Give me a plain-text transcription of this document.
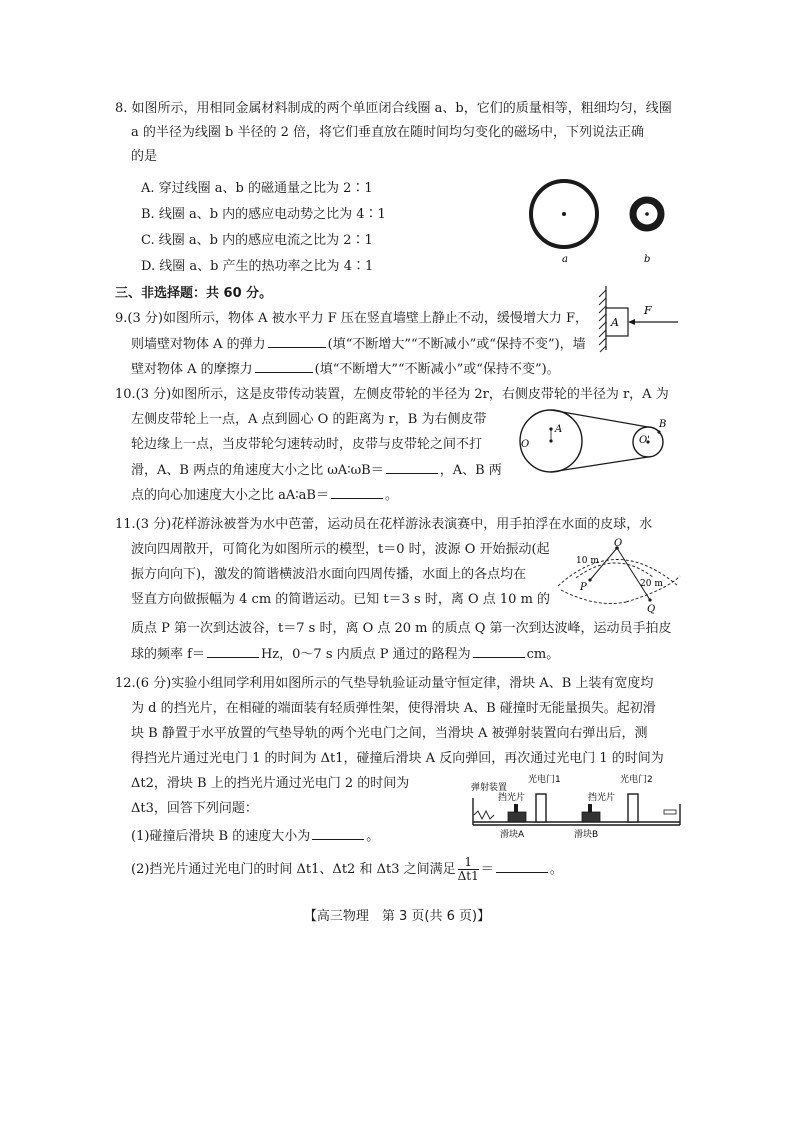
8. 如图所示，用相同金属材料制成的两个单匝闭合线圈 a、b，它们的质量相等，粗细均匀，线圈
a 的半径为线圈 b 半径的 2 倍，将它们垂直放在随时间均匀变化的磁场中，下列说法正确
的是
A. 穿过线圈 a、b 的磁通量之比为 2∶1
B. 线圈 a、b 内的感应电动势之比为 4∶1
C. 线圈 a、b 内的感应电流之比为 2∶1
D. 线圈 a、b 产生的热功率之比为 4∶1	a	b
三、非选择题：共 60 分。
9.(3 分)如图所示，物体 A 被水平力 F 压在竖直墙壁上静止不动，缓慢增大力 F，
则墙壁对物体 A 的弹力	(填“不断增大”“不断减小”或“保持不变”)，墙
壁对物体 A 的摩擦力	(填“不断增大”“不断减小”或“保持不变”)。
A
F
10.(3 分)如图所示，这是皮带传动装置，左侧皮带轮的半径为 2r，右侧皮带轮的半径为 r，A 为
左侧皮带轮上一点，A 点到圆心 O 的距离为 r，B 为右侧皮带
轮边缘上一点，当皮带轮匀速转动时，皮带与皮带轮之间不打
滑，A、B 两点的角速度大小之比 ωA∶ωB＝	，A、B 两
点的向心加速度大小之比 aA∶aB＝	。
O
A
O'
B
11.(3 分)花样游泳被誉为水中芭蕾，运动员在花样游泳表演赛中，用手拍浮在水面的皮球，水
波向四周散开，可简化为如图所示的模型，t＝0 时，波源 O 开始振动(起
振方向向下)，激发的简谐横波沿水面向四周传播，水面上的各点均在
竖直方向做振幅为 4 cm 的简谐运动。已知 t＝3 s 时，离 O 点 10 m 的
质点 P 第一次到达波谷，t＝7 s 时，离 O 点 20 m 的质点 Q 第一次到达波峰，运动员手拍皮
球的频率 f＝	Hz，0～7 s 内质点 P 通过的路程为	cm。
O
10 m
20 m
P
Q
12.(6 分)实验小组同学利用如图所示的气垫导轨验证动量守恒定律，滑块 A、B 上装有宽度均
为 d 的挡光片，在相碰的端面装有轻质弹性架，使得滑块 A、B 碰撞时无能量损失。起初滑
块 B 静置于水平放置的气垫导轨的两个光电门之间，当滑块 A 被弹射装置向右弹出后，测
得挡光片通过光电门 1 的时间为 Δt1，碰撞后滑块 A 反向弹回，再次通过光电门 1 的时间为
Δt2，滑块 B 上的挡光片通过光电门 2 的时间为
Δt3，回答下列问题：
(1)碰撞后滑块 B 的速度大小为	。
(2)挡光片通过光电门的时间 Δt1、Δt2 和 Δt3 之间满足 $\frac{1}{\Delta t1}$ ＝	。
弹射装置
光电门1	光电门2
挡光片	挡光片
滑块A	滑块B
【高三物理　第 3 页(共 6 页)】
